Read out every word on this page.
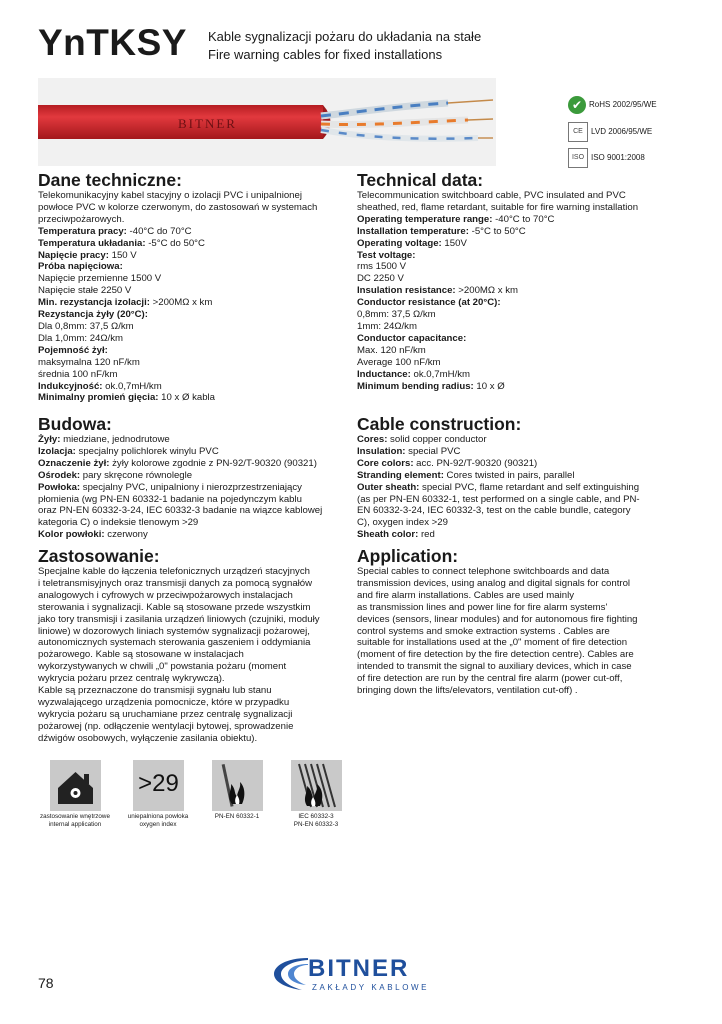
YnTKSY Kable sygnalizacji pożaru do układania na stałe
Fire warning cables for fixed installations
BITNER
✔ RoHS 2002/95/WE
CE LVD 2006/95/WE
ISO ISO 9001:2008
Dane techniczne:

Telekomunikacyjny kabel stacyjny o izolacji PVC i unipalnionej

powłoce PVC w kolorze czerwonym, do zastosowań w systemach

przeciwpożarowych.

Temperatura pracy: -40°C do 70°C

Temperatura układania: -5°C do 50°C

Napięcie pracy: 150 V

Próba napięciowa:

Napięcie przemienne 1500 V

Napięcie stałe 2250 V

Min. rezystancja izolacji: >200MΩ x km

Rezystancja żyły (20°C):

Dla 0,8mm: 37,5 Ω/km

Dla 1,0mm: 24Ω/km

Pojemność żył:

maksymalna 120 nF/km

średnia 100 nF/km

Indukcyjność: ok.0,7mH/km

Minimalny promień gięcia: 10 x Ø kabla

Technical data:

Telecommunication switchboard cable, PVC insulated and PVC

sheathed, red, flame retardant, suitable for fire warning installation

Operating temperature range: -40°C to 70°C

Installation temperature: -5°C to 50°C

Operating voltage: 150V

Test voltage:

rms 1500 V

DC 2250 V

Insulation resistance: >200MΩ x km

Conductor resistance (at 20°C):

0,8mm: 37,5 Ω/km

1mm: 24Ω/km

Conductor capacitance:

Max. 120 nF/km

Average 100 nF/km

Inductance: ok.0,7mH/km

Minimum bending radius: 10 x Ø

Budowa:

Żyły: miedziane, jednodrutowe

Izolacja: specjalny polichlorek winylu PVC

Oznaczenie żył: żyły kolorowe zgodnie z PN-92/T-90320 (90321)

Ośrodek: pary skręcone równolegle

Powłoka: specjalny PVC, unipalniony i nierozprzestrzeniający

płomienia (wg PN-EN 60332-1 badanie na pojedynczym kablu

oraz PN-EN 60332-3-24, IEC 60332-3 badanie na wiązce kablowej

kategoria C) o indeksie tlenowym >29

Kolor powłoki: czerwony

Cable construction:

Cores: solid copper conductor

Insulation: special PVC

Core colors: acc. PN-92/T-90320 (90321)

Stranding element: Cores twisted in pairs, parallel

Outer sheath: special PVC, flame retardant and self extinguishing

(as per PN-EN 60332-1, test performed on a single cable, and PN-

EN 60332-3-24, IEC 60332-3, test on the cable bundle, category

C), oxygen index >29

Sheath color: red

Zastosowanie:

Specjalne kable do łączenia telefonicznych urządzeń stacyjnych

i teletransmisyjnych oraz transmisji danych za pomocą sygnałów

analogowych i cyfrowych w przeciwpożarowych instalacjach

sterowania i sygnalizacji. Kable są stosowane przede wszystkim

jako tory transmisji i zasilania urządzeń liniowych (czujniki, moduły

liniowe) w dozorowych liniach systemów sygnalizacji pożarowej,

autonomicznych systemach sterowania gaszeniem i oddymiania

pożarowego. Kable są stosowane w instalacjach

wykorzystywanych w chwili „0" powstania pożaru (moment

wykrycia pożaru przez centralę wykrywczą).

Kable są przeznaczone do transmisji sygnału lub stanu

wyzwalającego urządzenia pomocnicze, które w przypadku

wykrycia pożaru są uruchamiane przez centralę sygnalizacji

pożarowej (np. odłączenie wentylacji bytowej, sprowadzenie

dźwigów osobowych, wyłączenie zasilania obiektu).

Application:

Special cables to connect telephone switchboards and data

transmission devices, using analog and digital signals for control

and fire alarm installations. Cables are used mainly

as transmission lines and power line for fire alarm systems'

devices (sensors, linear modules) and for autonomous fire fighting

control systems and smoke extraction systems . Cables are

suitable for installations used at the „0" moment of fire detection

(moment of fire detection by the fire detection centre). Cables are

intended to transmit the signal to auxiliary devices, which in case

of fire detection are run by the central fire alarm (power cut-off,

bringing down the lifts/elevators, ventilation cut-off) .

zastosowanie wnętrzowe
internal application
>29
uniepalniona powłoka
oxygen index
PN-EN 60332-1	IEC 60332-3
PN-EN 60332-3
78
BITNER
ZAKŁADY KABLOWE
